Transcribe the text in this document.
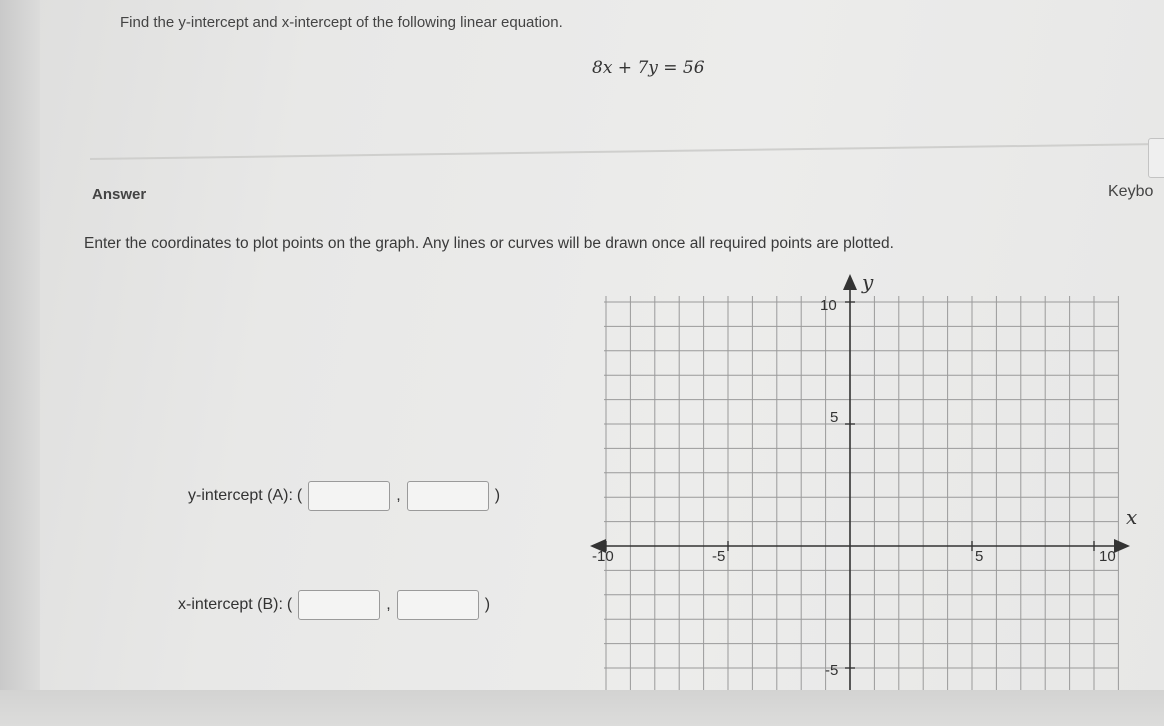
Find the y-intercept and x-intercept of the following linear equation.
8x + 7y = 56
Answer	Keybo
Enter the coordinates to plot points on the graph. Any lines or curves will be drawn once all required points are plotted.
y-intercept (A): (	,	)
x-intercept (B): (	,	)
x
y
-10	-5	5	10
10
5
-5
